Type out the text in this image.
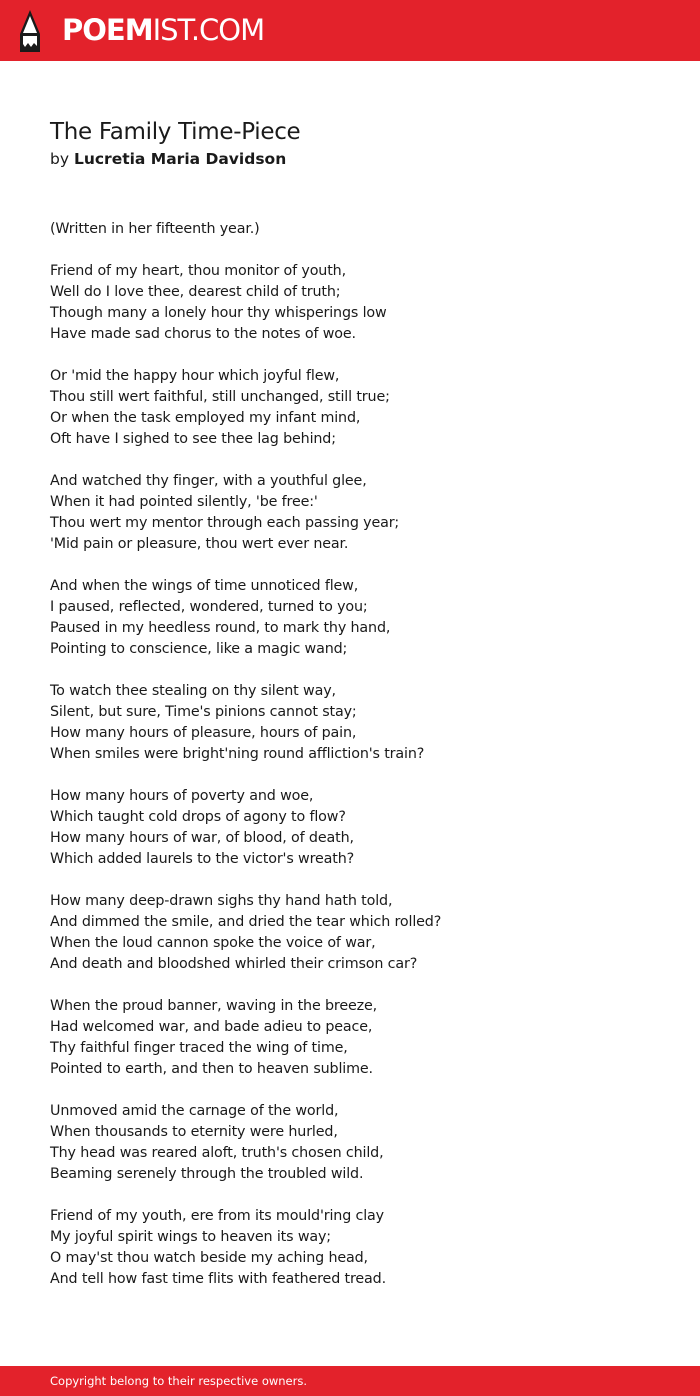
POEMIST.COM
The Family Time-Piece
by Lucretia Maria Davidson
(Written in her fifteenth year.)
Friend of my heart, thou monitor of youth,
Well do I love thee, dearest child of truth;
Though many a lonely hour thy whisperings low
Have made sad chorus to the notes of woe.
Or 'mid the happy hour which joyful flew,
Thou still wert faithful, still unchanged, still true;
Or when the task employed my infant mind,
Oft have I sighed to see thee lag behind;
And watched thy finger, with a youthful glee,
When it had pointed silently, 'be free:'
Thou wert my mentor through each passing year;
'Mid pain or pleasure, thou wert ever near.
And when the wings of time unnoticed flew,
I paused, reflected, wondered, turned to you;
Paused in my heedless round, to mark thy hand,
Pointing to conscience, like a magic wand;
To watch thee stealing on thy silent way,
Silent, but sure, Time's pinions cannot stay;
How many hours of pleasure, hours of pain,
When smiles were bright'ning round affliction's train?
How many hours of poverty and woe,
Which taught cold drops of agony to flow?
How many hours of war, of blood, of death,
Which added laurels to the victor's wreath?
How many deep-drawn sighs thy hand hath told,
And dimmed the smile, and dried the tear which rolled?
When the loud cannon spoke the voice of war,
And death and bloodshed whirled their crimson car?
When the proud banner, waving in the breeze,
Had welcomed war, and bade adieu to peace,
Thy faithful finger traced the wing of time,
Pointed to earth, and then to heaven sublime.
Unmoved amid the carnage of the world,
When thousands to eternity were hurled,
Thy head was reared aloft, truth's chosen child,
Beaming serenely through the troubled wild.
Friend of my youth, ere from its mould'ring clay
My joyful spirit wings to heaven its way;
O may'st thou watch beside my aching head,
And tell how fast time flits with feathered tread.
Copyright belong to their respective owners.
